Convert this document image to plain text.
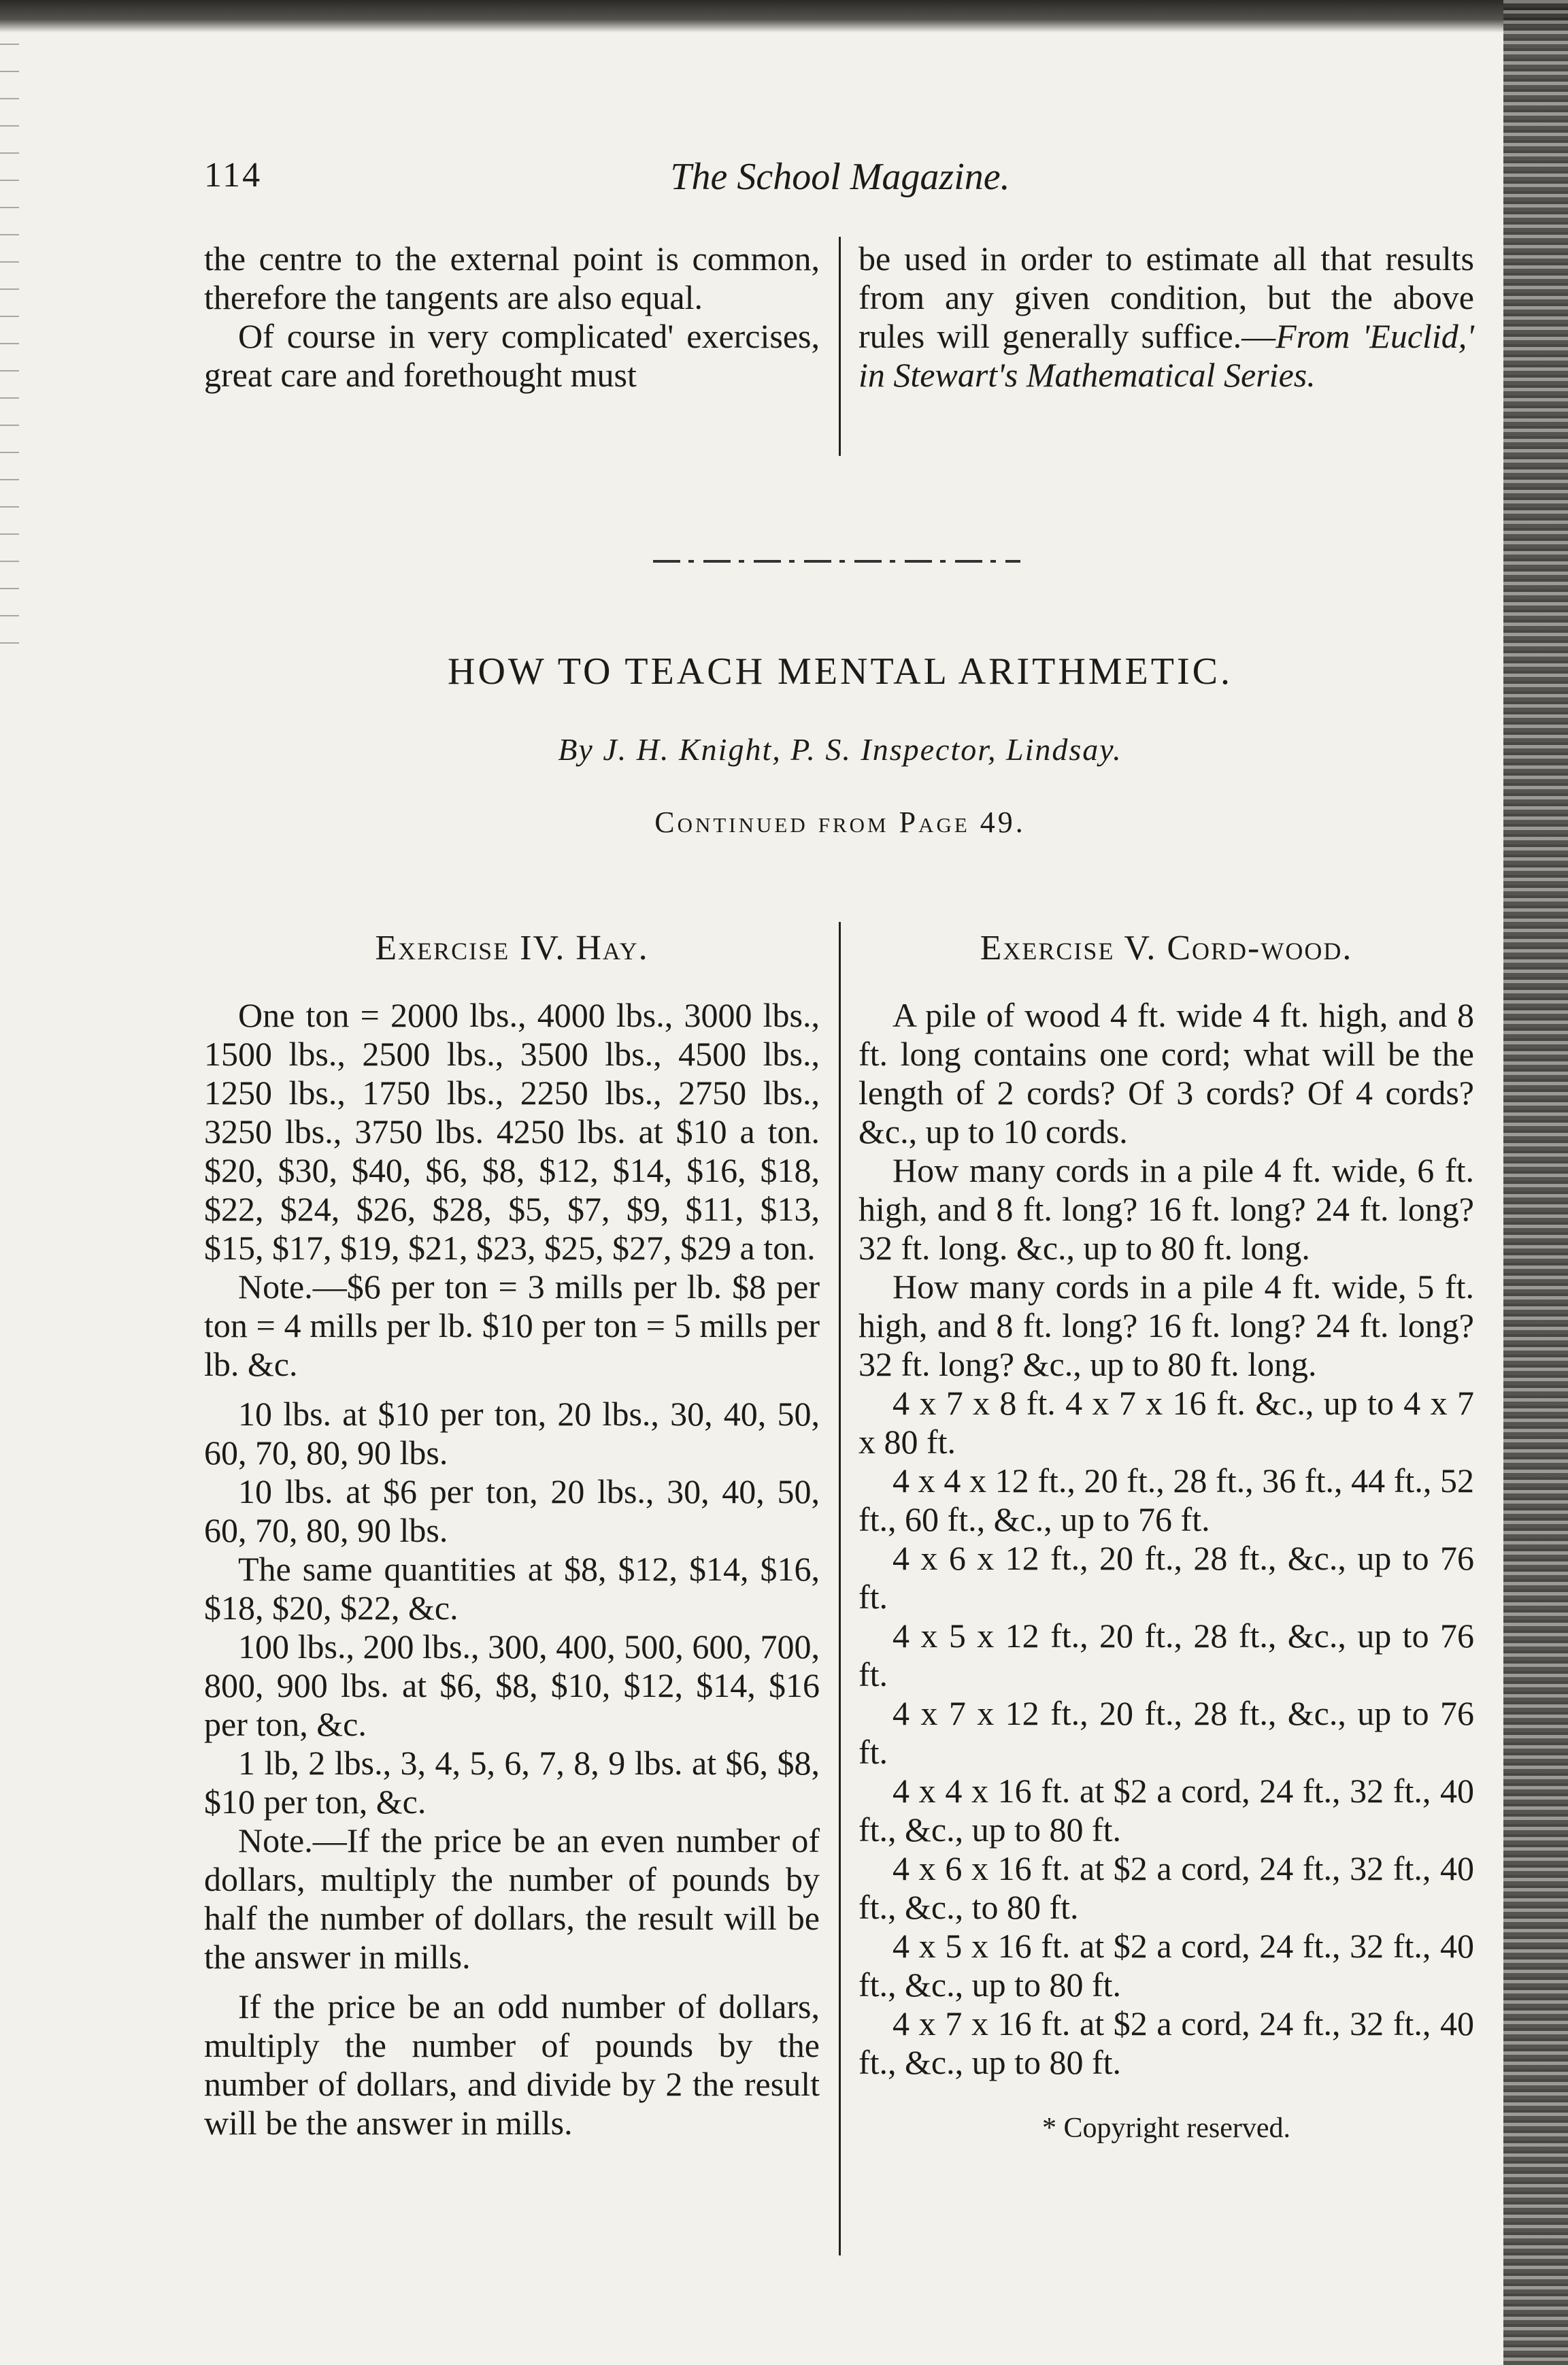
The School Magazine.
114

the centre to the external point is common, therefore the tangents are also equal.

Of course in very complicated' exercises, great care and forethought must

be used in order to estimate all that results from any given condition, but the above rules will generally suffice.—From 'Euclid,' in Stewart's Mathematical Series.

HOW TO TEACH MENTAL ARITHMETIC.
By J. H. Knight, P. S. Inspector, Lindsay.
Continued from Page 49.
Exercise IV. Hay.

One ton = 2000 lbs., 4000 lbs., 3000 lbs., 1500 lbs., 2500 lbs., 3500 lbs., 4500 lbs., 1250 lbs., 1750 lbs., 2250 lbs., 2750 lbs., 3250 lbs., 3750 lbs. 4250 lbs. at $10 a ton. $20, $30, $40, $6, $8, $12, $14, $16, $18, $22, $24, $26, $28, $5, $7, $9, $11, $13, $15, $17, $19, $21, $23, $25, $27, $29 a ton.

Note.—$6 per ton = 3 mills per lb. $8 per ton = 4 mills per lb. $10 per ton = 5 mills per lb. &c.

10 lbs. at $10 per ton, 20 lbs., 30, 40, 50, 60, 70, 80, 90 lbs.

10 lbs. at $6 per ton, 20 lbs., 30, 40, 50, 60, 70, 80, 90 lbs.

The same quantities at $8, $12, $14, $16, $18, $20, $22, &c.

100 lbs., 200 lbs., 300, 400, 500, 600, 700, 800, 900 lbs. at $6, $8, $10, $12, $14, $16 per ton, &c.

1 lb, 2 lbs., 3, 4, 5, 6, 7, 8, 9 lbs. at $6, $8, $10 per ton, &c.

Note.—If the price be an even number of dollars, multiply the number of pounds by half the number of dollars, the result will be the answer in mills.

If the price be an odd number of dollars, multiply the number of pounds by the number of dollars, and divide by 2 the result will be the answer in mills.

Exercise V. Cord-wood.

A pile of wood 4 ft. wide 4 ft. high, and 8 ft. long contains one cord; what will be the length of 2 cords? Of 3 cords? Of 4 cords? &c., up to 10 cords.

How many cords in a pile 4 ft. wide, 6 ft. high, and 8 ft. long? 16 ft. long? 24 ft. long? 32 ft. long. &c., up to 80 ft. long.

How many cords in a pile 4 ft. wide, 5 ft. high, and 8 ft. long? 16 ft. long? 24 ft. long? 32 ft. long? &c., up to 80 ft. long.

4 x 7 x 8 ft. 4 x 7 x 16 ft. &c., up to 4 x 7 x 80 ft.

4 x 4 x 12 ft., 20 ft., 28 ft., 36 ft., 44 ft., 52 ft., 60 ft., &c., up to 76 ft.

4 x 6 x 12 ft., 20 ft., 28 ft., &c., up to 76 ft.

4 x 5 x 12 ft., 20 ft., 28 ft., &c., up to 76 ft.

4 x 7 x 12 ft., 20 ft., 28 ft., &c., up to 76 ft.

4 x 4 x 16 ft. at $2 a cord, 24 ft., 32 ft., 40 ft., &c., up to 80 ft.

4 x 6 x 16 ft. at $2 a cord, 24 ft., 32 ft., 40 ft., &c., to 80 ft.

4 x 5 x 16 ft. at $2 a cord, 24 ft., 32 ft., 40 ft., &c., up to 80 ft.

4 x 7 x 16 ft. at $2 a cord, 24 ft., 32 ft., 40 ft., &c., up to 80 ft.

* Copyright reserved.
